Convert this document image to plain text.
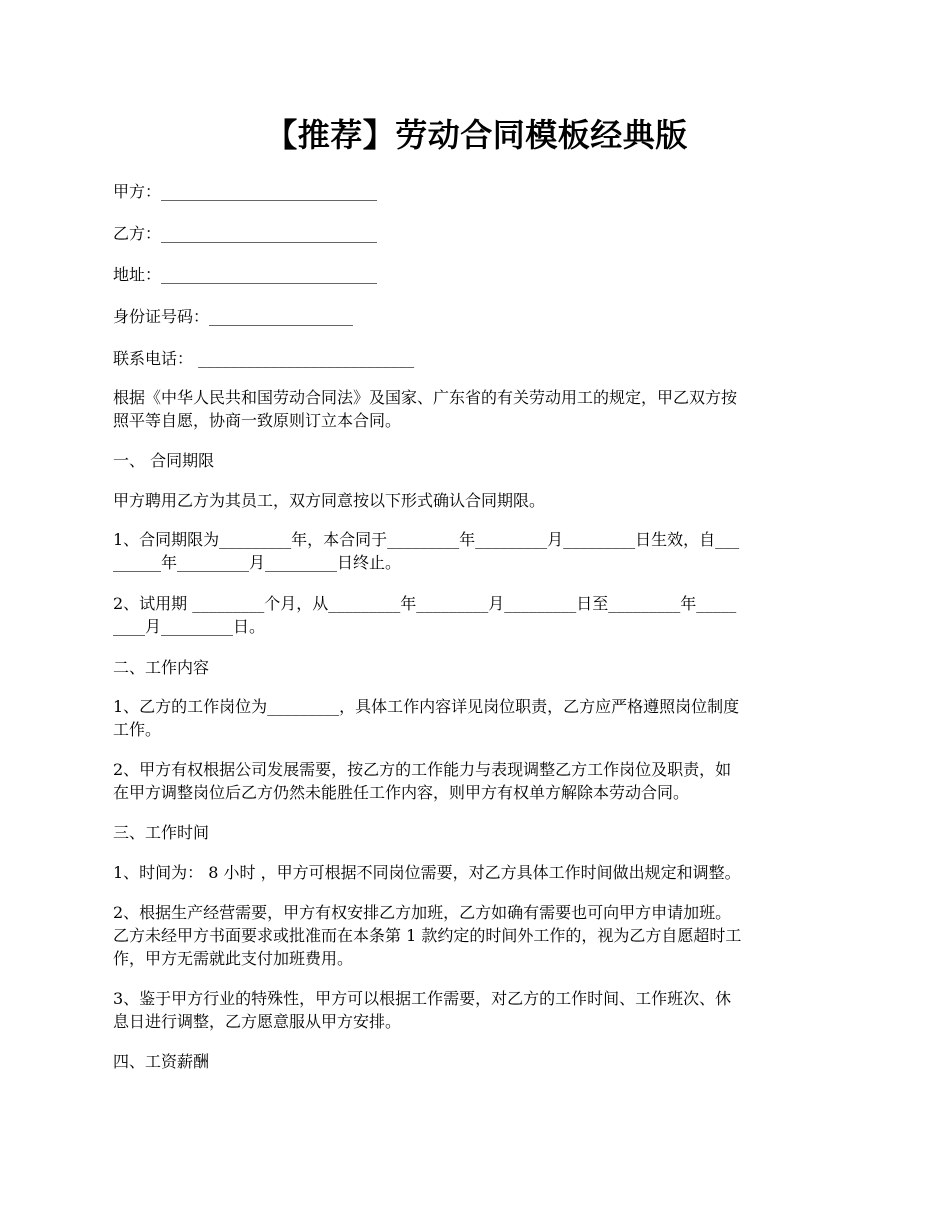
【推荐】劳动合同模板经典版
甲方：___________________________
乙方：___________________________
地址：___________________________
身份证号码：__________________
联系电话： ___________________________
根据《中华人民共和国劳动合同法》及国家、广东省的有关劳动用工的规定，甲乙双方按
照平等自愿，协商一致原则订立本合同。
一、 合同期限
甲方聘用乙方为其员工，双方同意按以下形式确认合同期限。
1、合同期限为_________年，本合同于_________年_________月_________日生效，自___
______年_________月_________日终止。
2、试用期 _________个月，从_________年_________月_________日至_________年_____
____月_________日。
二、工作内容
1、乙方的工作岗位为_________，具体工作内容详见岗位职责，乙方应严格遵照岗位制度
工作。
2、甲方有权根据公司发展需要，按乙方的工作能力与表现调整乙方工作岗位及职责，如
在甲方调整岗位后乙方仍然未能胜任工作内容，则甲方有权单方解除本劳动合同。
三、工作时间
1、时间为： 8 小时 ，甲方可根据不同岗位需要，对乙方具体工作时间做出规定和调整。
2、根据生产经营需要，甲方有权安排乙方加班，乙方如确有需要也可向甲方申请加班。
乙方未经甲方书面要求或批准而在本条第 1 款约定的时间外工作的，视为乙方自愿超时工
作，甲方无需就此支付加班费用。
3、鉴于甲方行业的特殊性，甲方可以根据工作需要，对乙方的工作时间、工作班次、休
息日进行调整，乙方愿意服从甲方安排。
四、工资薪酬
